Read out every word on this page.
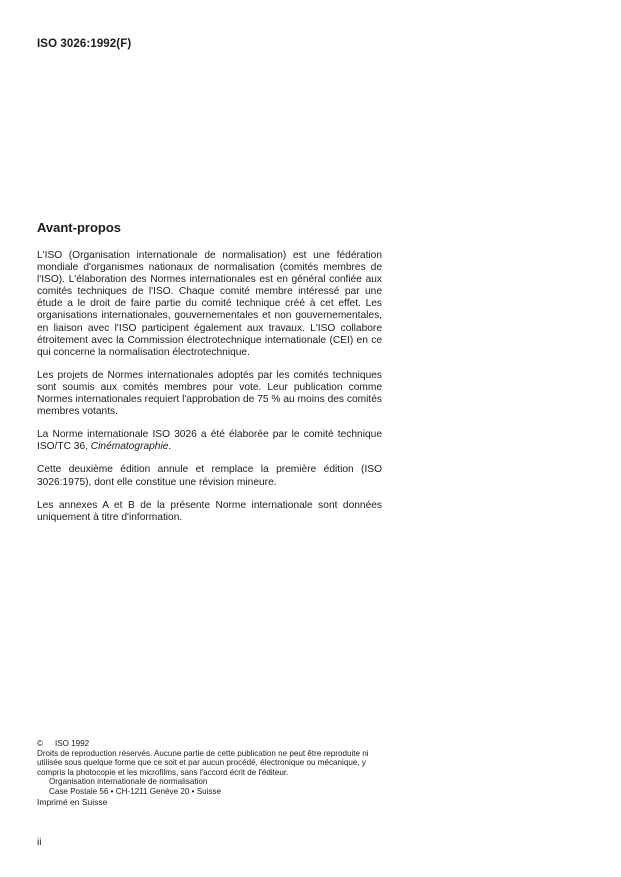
ISO 3026:1992(F)
Avant-propos

L'ISO (Organisation internationale de normalisation) est une fédération mondiale d'organismes nationaux de normalisation (comités membres de l'ISO). L'élaboration des Normes internationales est en général confiée aux comités techniques de l'ISO. Chaque comité membre intéressé par une étude a le droit de faire partie du comité technique créé à cet effet. Les organisations internationales, gouvernementales et non gouvernementales, en liaison avec l'ISO participent également aux travaux. L'ISO collabore étroitement avec la Commission électrotechnique internationale (CEI) en ce qui concerne la normalisation électrotechnique.

Les projets de Normes internationales adoptés par les comités techniques sont soumis aux comités membres pour vote. Leur publication comme Normes internationales requiert l'approbation de 75 % au moins des comités membres votants.

La Norme internationale ISO 3026 a été élaborée par le comité technique ISO/TC 36, Cinématographie.

Cette deuxième édition annule et remplace la première édition (ISO 3026:1975), dont elle constitue une révision mineure.

Les annexes A et B de la présente Norme internationale sont données uniquement à titre d'information.

© ISO 1992
Droits de reproduction réservés. Aucune partie de cette publication ne peut être reproduite ni utilisée sous quelque forme que ce soit et par aucun procédé, électronique ou mécanique, y compris la photocopie et les microfilms, sans l'accord écrit de l'éditeur.
Organisation internationale de normalisation
Case Postale 56 • CH-1211 Genève 20 • Suisse
Imprimé en Suisse
ii
